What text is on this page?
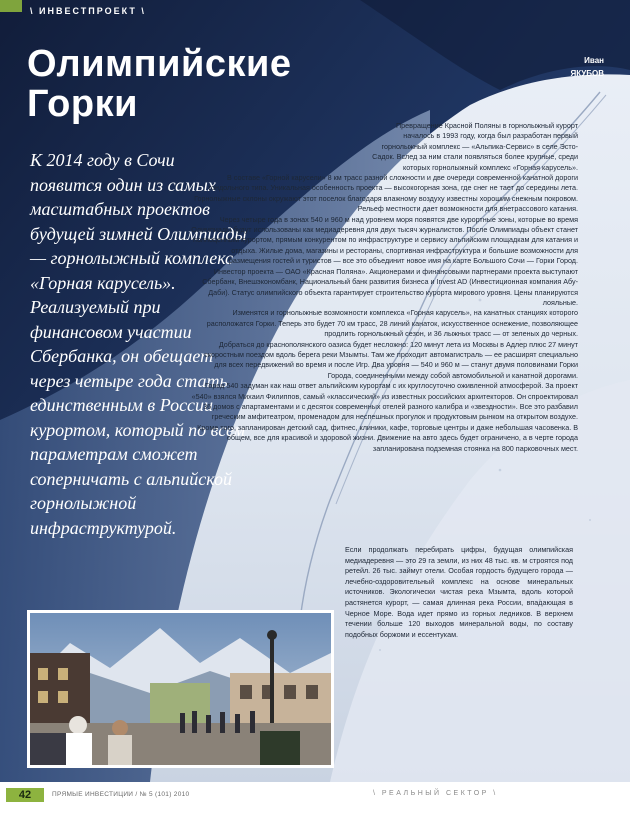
\ ИНВЕСТПРОЕКТ \
Олимпийские
Горки
Иван
ЯКУБОВ

К 2014 году в Сочи появится один из самых масштабных проектов будущей зимней Олимпиады — горнолыжный комплекс «Горная карусель». Реализуемый при финансовом участии Сбербанка, он обещает через четыре года стать единственным в России курортом, который по всем параметрам сможет соперничать с альпийской горнолыжной инфраструктурой.

Превращение Красной Поляны в горнолыжный курорт началось в 1993 году, когда был разработан первый горнолыжный комплекс — «Альпика-Сервис» в селе Эсто-Садок. Вслед за ним стали появляться более крупные, среди которых горнолыжный комплекс «Горная карусель».

В составе «Горной карусели» 8 км трасс разной сложности и две очереди современной канатной дороги гондольного типа. Уникальная особенность проекта — высокогорная зона, где снег не тает до середины лета. Горнолыжные склоны окружают этот поселок благодаря влажному воздуху известны хорошим снежным покровом. Рельеф местности дает возможности для внетрассового катания.

Через четыре года в зонах 540 и 960 м над уровнем моря появятся две курортные зоны, которые во время Олимпиады будут использованы как медиадеревня для двух тысяч журналистов. После Олимпиады объект станет полноценным курортом, прямым конкурентом по инфраструктуре и сервису альпийским площадкам для катания и отдыха. Жилые дома, магазины и рестораны, спортивная инфраструктура и большие возможности для размещения гостей и туристов — все это объединит новое имя на карте Большого Сочи — Горки Город.

Инвестор проекта — ОАО «Красная Поляна». Акционерами и финансовыми партнерами проекта выступают Сбербанк, Внешэкономбанк, Национальный банк развития бизнеса и Invest AD (Инвестиционная компания Абу-Даби). Статус олимпийского объекта гарантирует строительство курорта мирового уровня. Цены планируются лояльные.

Изменятся и горнолыжные возможности комплекса «Горная карусель», на канатных станциях которого расположатся Горки. Теперь это будет 70 км трасс, 28 линий канаток, искусственное оснежение, позволяющее продлить горнолыжный сезон, и 36 лыжных трасс — от зеленых до черных.

Добраться до краснополянского оазиса будет несложно: 120 минут лета из Москвы в Адлер плюс 27 минут скоростным поездом вдоль берега реки Мзымты. Там же проходит автомагистраль — ее расширят специально для всех передвижений во время и после Игр. Два уровня — 540 и 960 м — станут двумя половинами Горки Города, соединенными между собой автомобильной и канатной дорогами.

Город 540 задуман как наш ответ альпийским курортам с их круглосуточно оживленной атмосферой. За проект «540» взялся Михаил Филиппов, самый «классический» из известных российских архитекторов. Он спроектировал 36 домов с апартаментами и с десяток современных отелей разного калибра и «звездности». Все это разбавил греческим амфитеатром, променадом для неспешных прогулок и продуктовым рынком на открытом воздухе. Кроме того, запланирован детский сад, фитнес, клиники, кафе, торговые центры и даже небольшая часовенка. В общем, все для красивой и здоровой жизни. Движение на авто здесь будет ограничено, а в черте города запланирована подземная стоянка на 800 парковочных мест.

Если продолжать перебирать цифры, будущая олимпийская медиадеревня — это 29 га земли, из них 48 тыс. кв. м строятся под ретейл. 26 тыс. займут отели. Особая гордость будущего города — лечебно-оздоровительный комплекс на основе минеральных источников. Экологически чистая река Мзымта, вдоль которой растянется курорт, — самая длинная река России, впадающая в Черное Море. Вода идет прямо из горных ледников. В верхнем течении больше 120 выходов минеральной воды, по составу подобных боржоми и ессентукам.
42	ПРЯМЫЕ ИНВЕСТИЦИИ / № 5 (101) 2010	\ РЕАЛЬНЫЙ СЕКТОР \
